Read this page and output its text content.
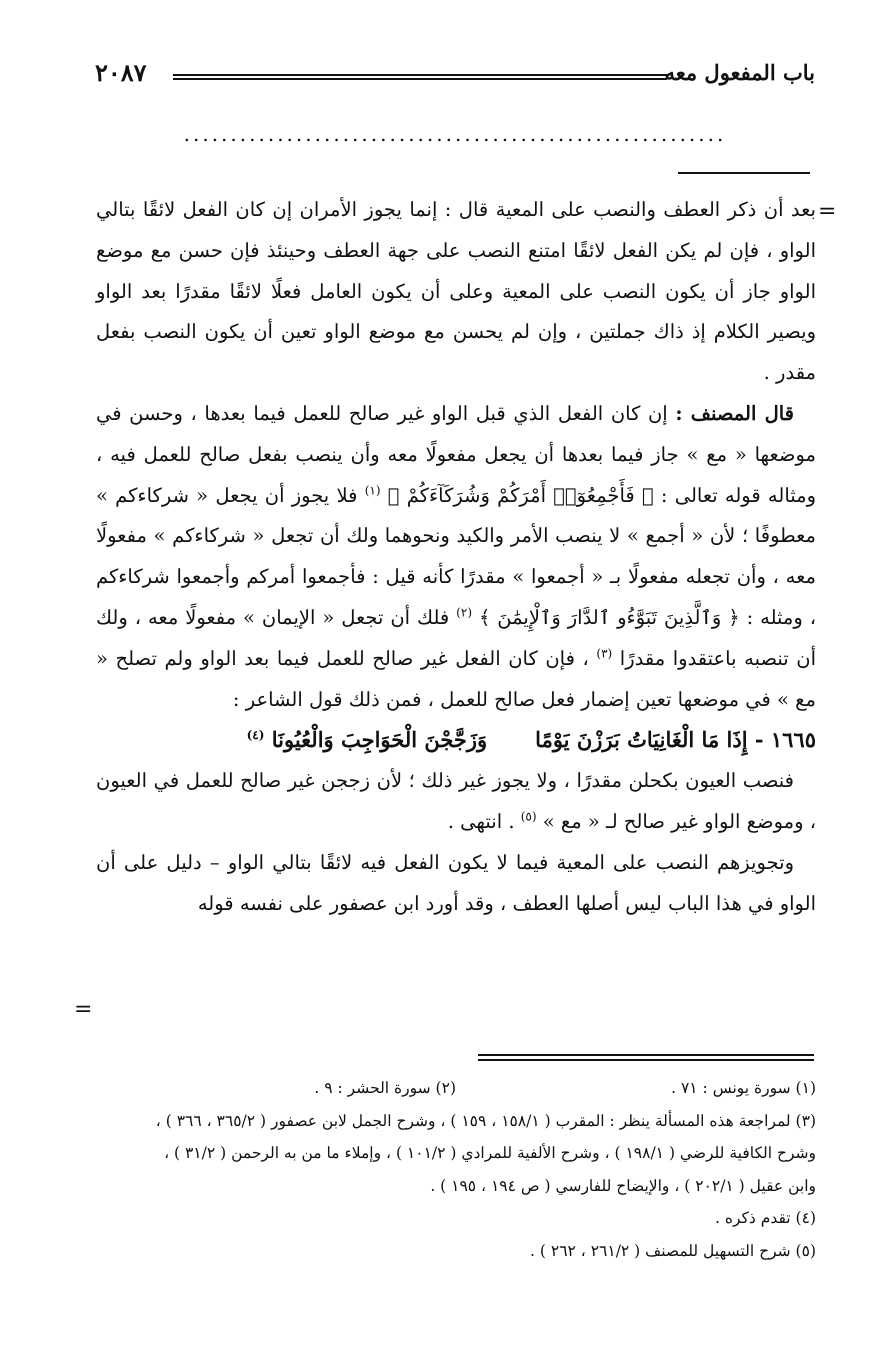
باب المفعول معه
٢٠٨٧
..........................................................
=

بعد أن ذكر العطف والنصب على المعية قال : إنما يجوز الأمران إن كان الفعل لائقًا بتالي الواو ، فإن لم يكن الفعل لائقًا امتنع النصب على جهة العطف وحينئذ فإن حسن مع موضع الواو جاز أن يكون النصب على المعية وعلى أن يكون العامل فعلًا لائقًا مقدرًا بعد الواو ويصير الكلام إذ ذاك جملتين ، وإن لم يحسن مع موضع الواو تعين أن يكون النصب بفعل مقدر .

قال المصنف : إن كان الفعل الذي قبل الواو غير صالح للعمل فيما بعدها ، وحسن في موضعها « مع » جاز فيما بعدها أن يجعل مفعولًا معه وأن ينصب بفعل صالح للعمل فيه ، ومثاله قوله تعالى : ﴿ فَأَجْمِعُوٓا۟ أَمْرَكُمْ وَشُرَكَآءَكُمْ ﴾ $^{(١)}$ فلا يجوز أن يجعل « شركاءكم » معطوفًا ؛ لأن « أجمع » لا ينصب الأمر والكيد ونحوهما ولك أن تجعل « شركاءكم » مفعولًا معه ، وأن تجعله مفعولًا بـ « أجمعوا » مقدرًا كأنه قيل : فأجمعوا أمركم وأجمعوا شركاءكم ، ومثله : ﴿ وَٱلَّذِينَ تَبَوَّءُو ٱلدَّارَ وَٱلْإِيمَٰنَ ﴾ $^{(٢)}$ فلك أن تجعل « الإيمان » مفعولًا معه ، ولك أن تنصبه باعتقدوا مقدرًا $^{(٣)}$ ، فإن كان الفعل غير صالح للعمل فيما بعد الواو ولم تصلح « مع » في موضعها تعين إضمار فعل صالح للعمل ، فمن ذلك قول الشاعر :

١٦٦٥ - إِذَا مَا الْغَانِيَاتُ بَرَزْنَ يَوْمًاوَزَجَّجْنَ الْحَوَاجِبَ وَالْعُيُونَا $^{(٤)}$

فنصب العيون بكحلن مقدرًا ، ولا يجوز غير ذلك ؛ لأن زججن غير صالح للعمل في العيون ، وموضع الواو غير صالح لـ « مع » $^{(٥)}$ . انتهى .

وتجويزهم النصب على المعية فيما لا يكون الفعل فيه لائقًا بتالي الواو – دليل على أن الواو في هذا الباب ليس أصلها العطف ، وقد أورد ابن عصفور على نفسه قوله

=
(١) سورة يونس : ٧١ .
(٢) سورة الحشر : ٩ .

(٣) لمراجعة هذه المسألة ينظر : المقرب ( ١٥٨/١ ، ١٥٩ ) ، وشرح الجمل لابن عصفور ( ٣٦٥/٢ ، ٣٦٦ ) ،

وشرح الكافية للرضي ( ١٩٨/١ ) ، وشرح الألفية للمرادي ( ١٠١/٢ ) ، وإملاء ما من به الرحمن ( ٣١/٢ ) ،

وابن عقيل ( ٢٠٢/١ ) ، والإيضاح للفارسي ( ص ١٩٤ ، ١٩٥ ) .

(٤) تقدم ذكره .

(٥) شرح التسهيل للمصنف ( ٢٦١/٢ ، ٢٦٢ ) .
